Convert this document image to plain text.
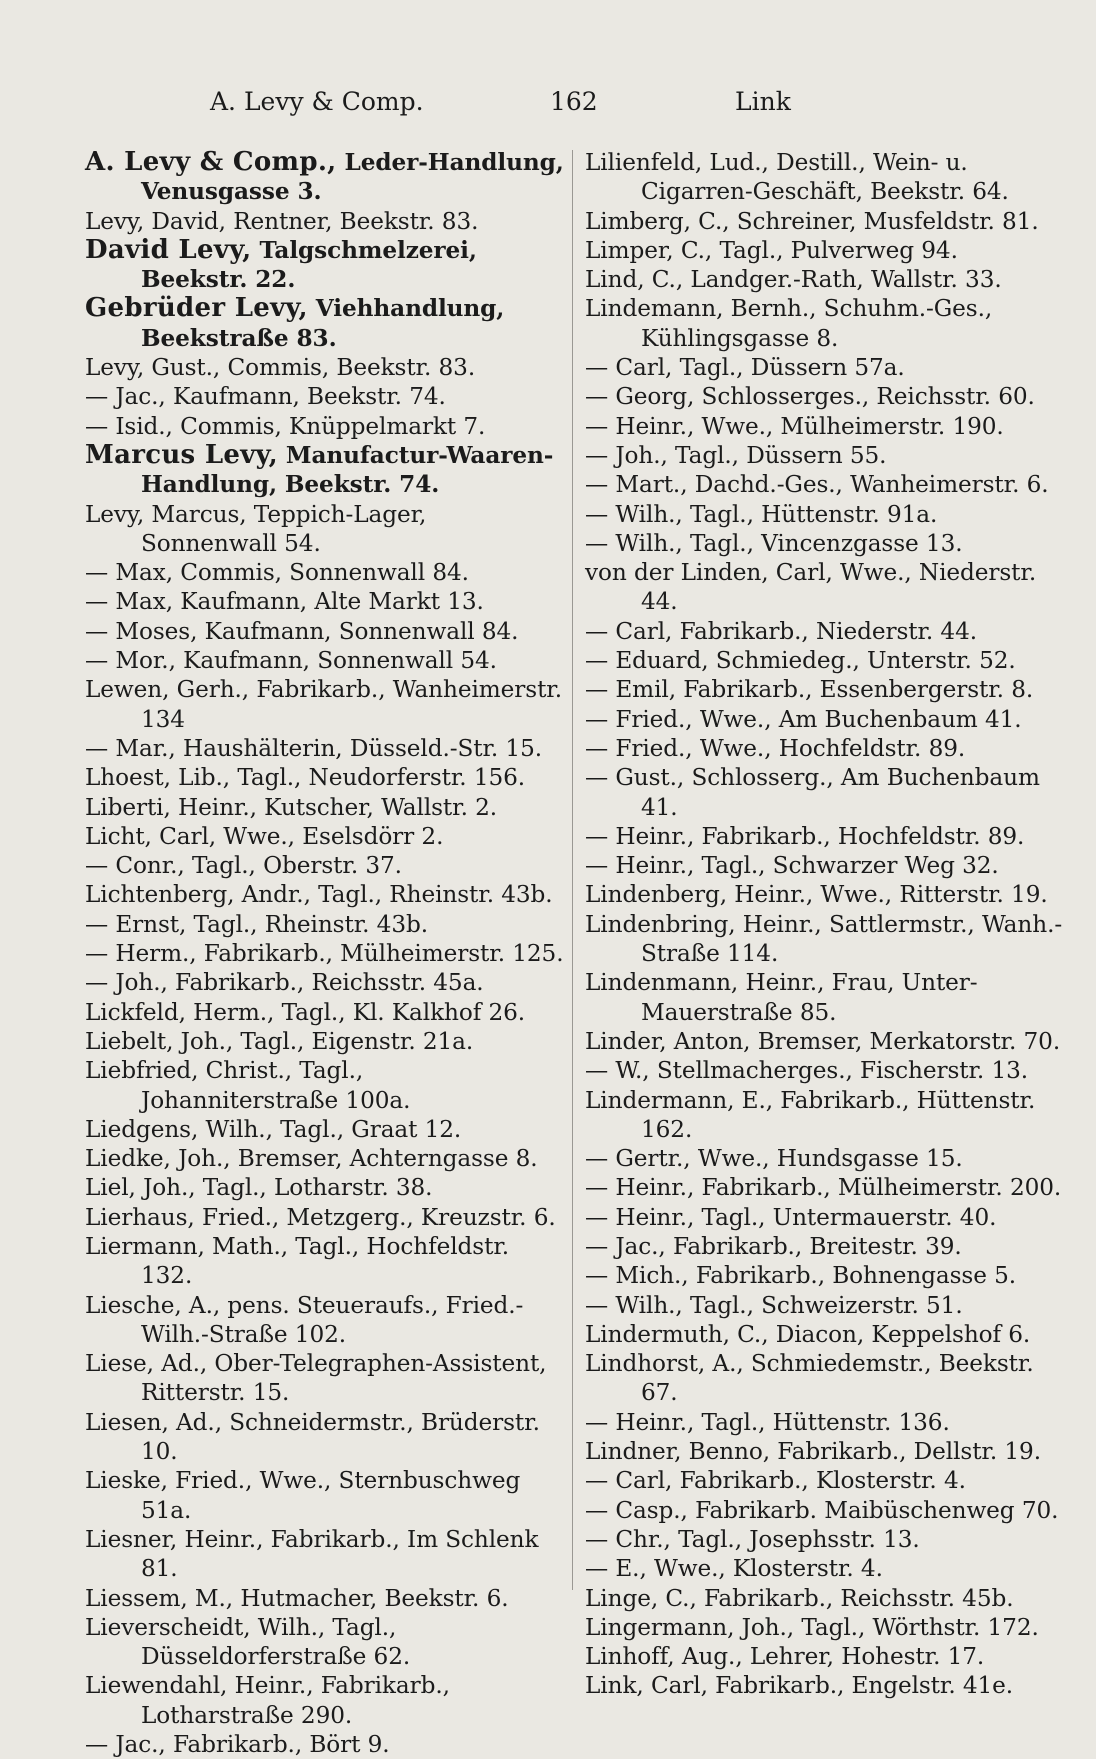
A. Levy & Comp.	162	Link

A. Levy & Comp., Leder-Handlung, Venusgasse 3.

Levy, David, Rentner, Beekstr. 83.

David Levy, Talgschmelzerei, Beekstr. 22.

Gebrüder Levy, Viehhandlung, Beekstraße 83.

Levy, Gust., Commis, Beekstr. 83.

— Jac., Kaufmann, Beekstr. 74.

— Isid., Commis, Knüppelmarkt 7.

Marcus Levy, Manufactur-Waaren-Handlung, Beekstr. 74.

Levy, Marcus, Teppich-Lager, Sonnenwall 54.

— Max, Commis, Sonnenwall 84.

— Max, Kaufmann, Alte Markt 13.

— Moses, Kaufmann, Sonnenwall 84.

— Mor., Kaufmann, Sonnenwall 54.

Lewen, Gerh., Fabrikarb., Wanheimerstr. 134

— Mar., Haushälterin, Düsseld.-Str. 15.

Lhoest, Lib., Tagl., Neudorferstr. 156.

Liberti, Heinr., Kutscher, Wallstr. 2.

Licht, Carl, Wwe., Eselsdörr 2.

— Conr., Tagl., Oberstr. 37.

Lichtenberg, Andr., Tagl., Rheinstr. 43b.

— Ernst, Tagl., Rheinstr. 43b.

— Herm., Fabrikarb., Mülheimerstr. 125.

— Joh., Fabrikarb., Reichsstr. 45a.

Lickfeld, Herm., Tagl., Kl. Kalkhof 26.

Liebelt, Joh., Tagl., Eigenstr. 21a.

Liebfried, Christ., Tagl., Johanniterstraße 100a.

Liedgens, Wilh., Tagl., Graat 12.

Liedke, Joh., Bremser, Achterngasse 8.

Liel, Joh., Tagl., Lotharstr. 38.

Lierhaus, Fried., Metzgerg., Kreuzstr. 6.

Liermann, Math., Tagl., Hochfeldstr. 132.

Liesche, A., pens. Steueraufs., Fried.-Wilh.-Straße 102.

Liese, Ad., Ober-Telegraphen-Assistent, Ritterstr. 15.

Liesen, Ad., Schneidermstr., Brüderstr. 10.

Lieske, Fried., Wwe., Sternbuschweg 51a.

Liesner, Heinr., Fabrikarb., Im Schlenk 81.

Liessem, M., Hutmacher, Beekstr. 6.

Lieverscheidt, Wilh., Tagl., Düsseldorferstraße 62.

Liewendahl, Heinr., Fabrikarb., Lotharstraße 290.

— Jac., Fabrikarb., Bört 9.

Lilienfeld, Lud., Destill., Wein- u. Cigarren-Geschäft, Beekstr. 64.

Limberg, C., Schreiner, Musfeldstr. 81.

Limper, C., Tagl., Pulverweg 94.

Lind, C., Landger.-Rath, Wallstr. 33.

Lindemann, Bernh., Schuhm.-Ges., Kühlingsgasse 8.

— Carl, Tagl., Düssern 57a.

— Georg, Schlosserges., Reichsstr. 60.

— Heinr., Wwe., Mülheimerstr. 190.

— Joh., Tagl., Düssern 55.

— Mart., Dachd.-Ges., Wanheimerstr. 6.

— Wilh., Tagl., Hüttenstr. 91a.

— Wilh., Tagl., Vincenzgasse 13.

von der Linden, Carl, Wwe., Niederstr. 44.

— Carl, Fabrikarb., Niederstr. 44.

— Eduard, Schmiedeg., Unterstr. 52.

— Emil, Fabrikarb., Essenbergerstr. 8.

— Fried., Wwe., Am Buchenbaum 41.

— Fried., Wwe., Hochfeldstr. 89.

— Gust., Schlosserg., Am Buchenbaum 41.

— Heinr., Fabrikarb., Hochfeldstr. 89.

— Heinr., Tagl., Schwarzer Weg 32.

Lindenberg, Heinr., Wwe., Ritterstr. 19.

Lindenbring, Heinr., Sattlermstr., Wanh.-Straße 114.

Lindenmann, Heinr., Frau, Unter-Mauerstraße 85.

Linder, Anton, Bremser, Merkatorstr. 70.

— W., Stellmacherges., Fischerstr. 13.

Lindermann, E., Fabrikarb., Hüttenstr. 162.

— Gertr., Wwe., Hundsgasse 15.

— Heinr., Fabrikarb., Mülheimerstr. 200.

— Heinr., Tagl., Untermauerstr. 40.

— Jac., Fabrikarb., Breitestr. 39.

— Mich., Fabrikarb., Bohnengasse 5.

— Wilh., Tagl., Schweizerstr. 51.

Lindermuth, C., Diacon, Keppelshof 6.

Lindhorst, A., Schmiedemstr., Beekstr. 67.

— Heinr., Tagl., Hüttenstr. 136.

Lindner, Benno, Fabrikarb., Dellstr. 19.

— Carl, Fabrikarb., Klosterstr. 4.

— Casp., Fabrikarb. Maibüschenweg 70.

— Chr., Tagl., Josephsstr. 13.

— E., Wwe., Klosterstr. 4.

Linge, C., Fabrikarb., Reichsstr. 45b.

Lingermann, Joh., Tagl., Wörthstr. 172.

Linhoff, Aug., Lehrer, Hohestr. 17.

Link, Carl, Fabrikarb., Engelstr. 41e.
